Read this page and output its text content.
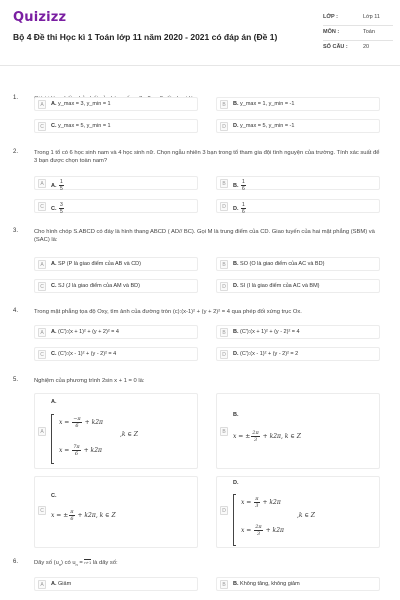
Quizizz
Bộ 4 Đề thi Học kì 1 Toán lớp 11 năm 2020 - 2021 có đáp án (Đề 1)
LỚP :	Lớp 11
MÔN :	Toán
SỐ CÂU :	20
1.
A	A. y_max = 3, y_min = 1	B	B. y_max = 1, y_min = -1
C	C. y_max = 5, y_min = 1	D	D. y_max = 5, y_min = -1
2.	Trong 1 tổ có 6 học sinh nam và 4 học sinh nữ. Chọn ngẫu nhiên 3 bạn trong tổ tham gia đội tình nguyện của trường. Tính xác suất để 3 bạn được chọn toàn nam?
A	A. $\frac{1}{5}$	B	B. $\frac{1}{6}$
C	C. $\frac{3}{5}$	D	D. $\frac{1}{6}$
3.	Cho hình chóp S.ABCD có đáy là hình thang ABCD ( AD// BC). Gọi M là trung điểm của CD. Giao tuyến của hai mặt phẳng (SBM) và (SAC) là:
A	A. SP (P là giao điểm của AB và CD)	B	B. SO (O là giao điểm của AC và BD)
C	C. SJ (J là giao điểm của AM và BD)	D	D. SI (I là giao điểm của AC và BM)
4.	Trong mặt phẳng tọa độ Oxy, tìm ảnh của đường tròn (c):(x-1)² + (y + 2)² = 4 qua phép đối xứng trục Ox.
A	A. (C'):(x + 1)² + (y + 2)² = 4	B	B. (C'):(x + 1)² + (y - 2)² = 4
C	C. (C'):(x - 1)² + (y - 2)² = 4	D	D. (C'):(x - 1)² + (y - 2)² = 2
5.	Nghiệm của phương trình 2sin x + 1 = 0 là:
A
A.
$x = \frac{-\pi}{6} + k2\pi$
,k ∈ Z
$x = \frac{7\pi}{6} + k2\pi$
B
B.
x = ± $\frac{2\pi}{3} + k2\pi$, k ∈ Z
C
C.
x = ± $\frac{\pi}{6} + k2\pi$, k ∈ Z
D
D.
$x = \frac{\pi}{3} + k2\pi$
,k ∈ Z
$x = \frac{2\pi}{3} + k2\pi$
6.	Dãy số $(u_n)$ có $u_n = n+1$ là dãy số:
A	A. Giảm	B	B. Không tăng, không giảm
